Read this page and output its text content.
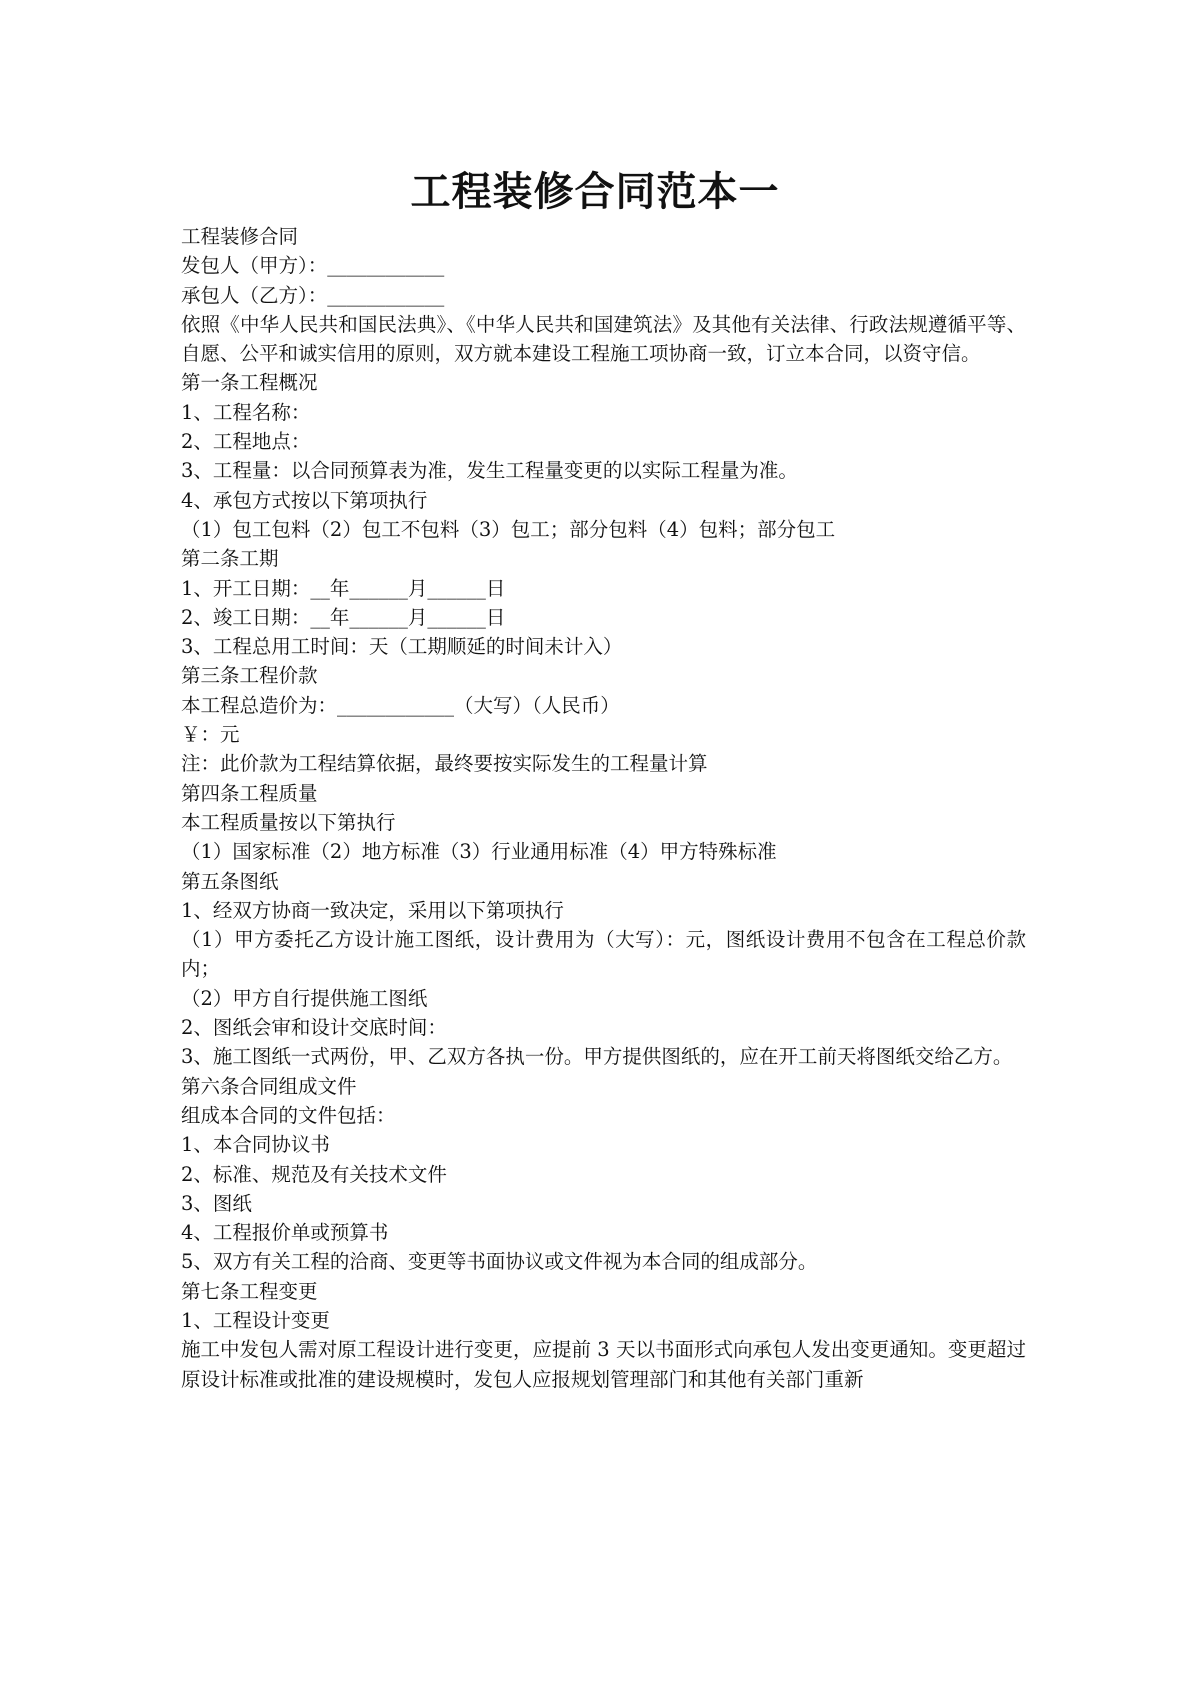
工程装修合同范本一
工程装修合同
发包人（甲方）：____________
承包人（乙方）：____________
依照《中华人民共和国民法典》、《中华人民共和国建筑法》及其他有关法律、行政法规遵循平等、自愿、公平和诚实信用的原则，双方就本建设工程施工项协商一致，订立本合同，以资守信。
第一条工程概况
1、工程名称：
2、工程地点：
3、工程量：以合同预算表为准，发生工程量变更的以实际工程量为准。
4、承包方式按以下第项执行
（1）包工包料（2）包工不包料（3）包工；部分包料（4）包料；部分包工
第二条工期
1、开工日期：__年______月______日
2、竣工日期：__年______月______日
3、工程总用工时间：天（工期顺延的时间未计入）
第三条工程价款
本工程总造价为：____________（大写）（人民币）
￥：元
注：此价款为工程结算依据，最终要按实际发生的工程量计算
第四条工程质量
本工程质量按以下第执行
（1）国家标准（2）地方标准（3）行业通用标准（4）甲方特殊标准
第五条图纸
1、经双方协商一致决定，采用以下第项执行
（1）甲方委托乙方设计施工图纸，设计费用为（大写）：元，图纸设计费用不包含在工程总价款内；
（2）甲方自行提供施工图纸
2、图纸会审和设计交底时间：
3、施工图纸一式两份，甲、乙双方各执一份。甲方提供图纸的，应在开工前天将图纸交给乙方。
第六条合同组成文件
组成本合同的文件包括：
1、本合同协议书
2、标准、规范及有关技术文件
3、图纸
4、工程报价单或预算书
5、双方有关工程的洽商、变更等书面协议或文件视为本合同的组成部分。
第七条工程变更
1、工程设计变更
施工中发包人需对原工程设计进行变更，应提前 3 天以书面形式向承包人发出变更通知。变更超过原设计标准或批准的建设规模时，发包人应报规划管理部门和其他有关部门重新
